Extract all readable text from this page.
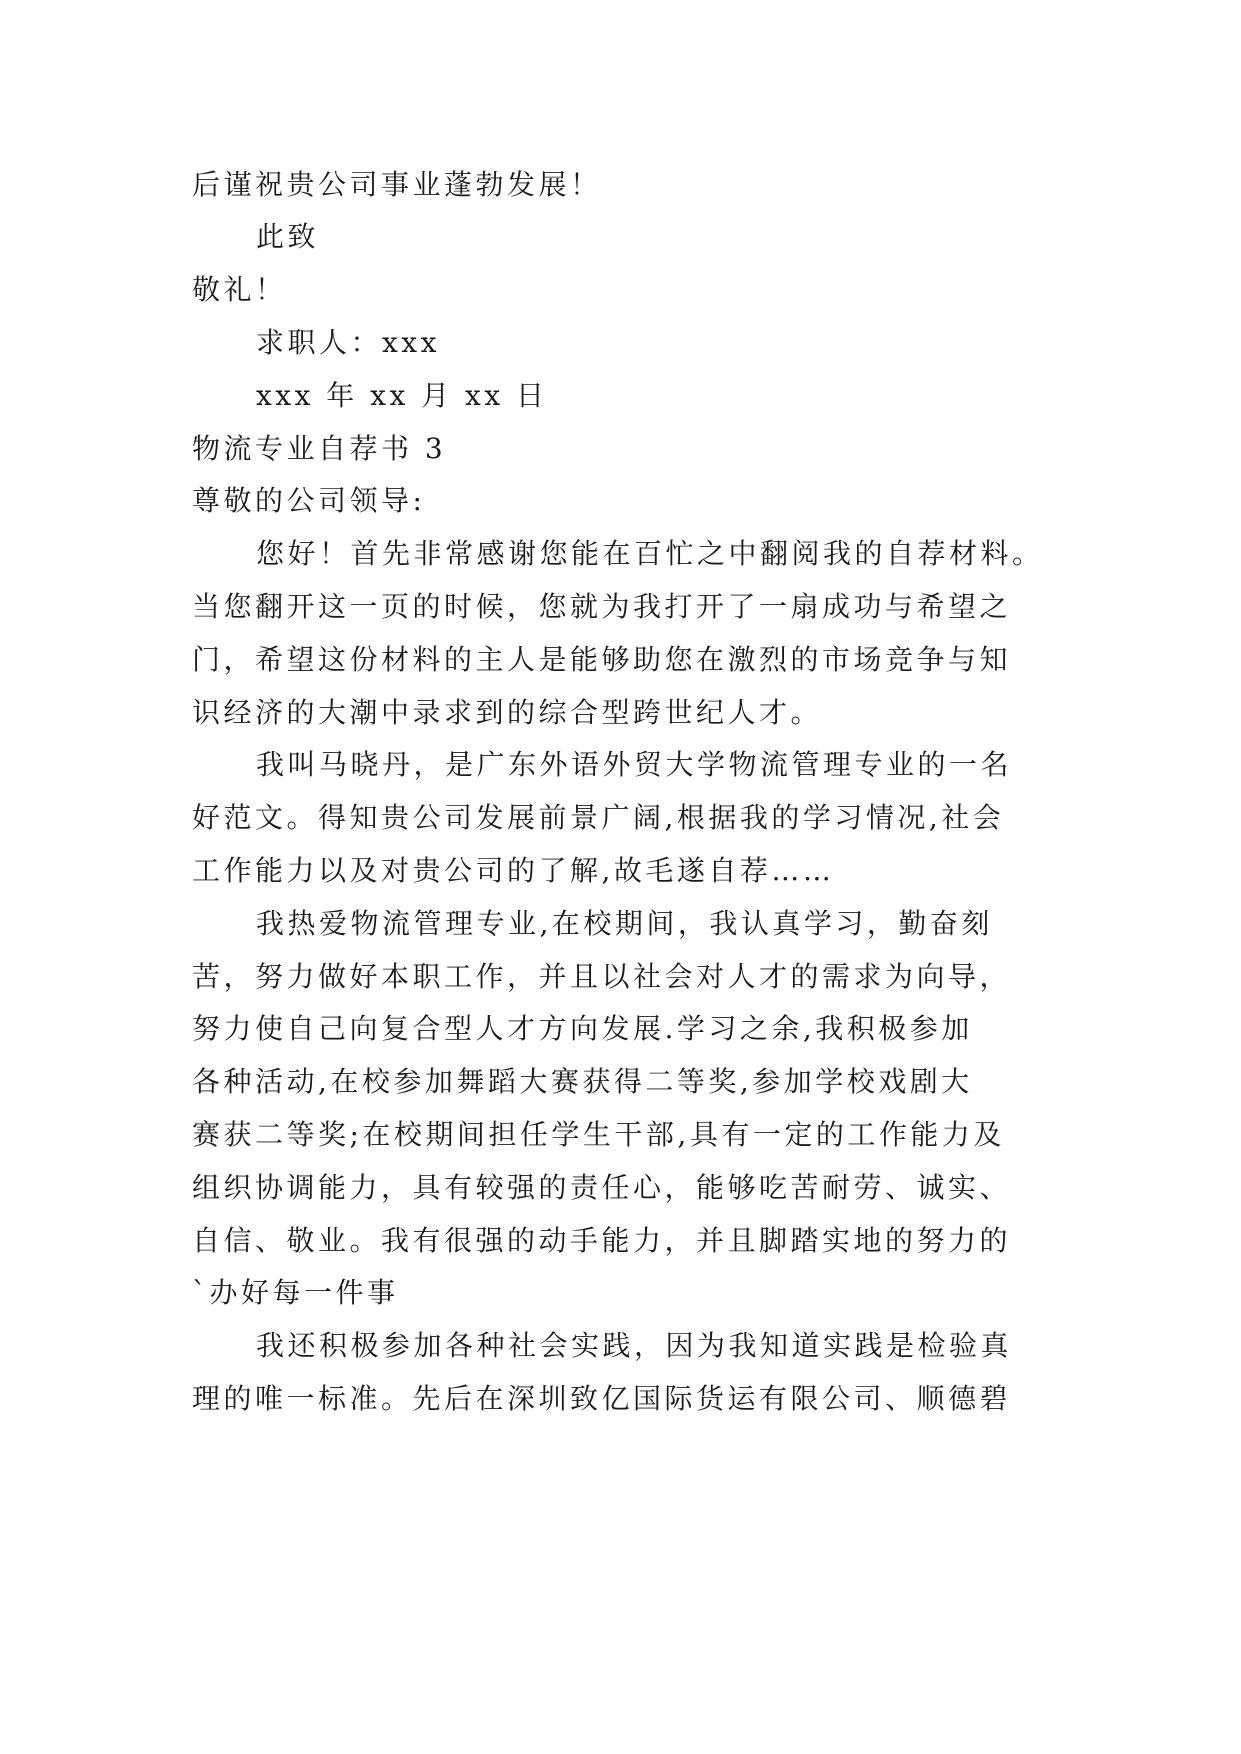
后谨祝贵公司事业蓬勃发展！
此致
敬礼！
求职人：xxx
xxx 年 xx 月 xx 日
物流专业自荐书 3
尊敬的公司领导:
您好！首先非常感谢您能在百忙之中翻阅我的自荐材料。
当您翻开这一页的时候，您就为我打开了一扇成功与希望之
门，希望这份材料的主人是能够助您在激烈的市场竞争与知
识经济的大潮中录求到的综合型跨世纪人才。
我叫马晓丹，是广东外语外贸大学物流管理专业的一名
好范文。得知贵公司发展前景广阔,根据我的学习情况,社会
工作能力以及对贵公司的了解,故毛遂自荐……
我热爱物流管理专业,在校期间，我认真学习，勤奋刻
苦，努力做好本职工作，并且以社会对人才的需求为向导，
努力使自己向复合型人才方向发展.学习之余,我积极参加
各种活动,在校参加舞蹈大赛获得二等奖,参加学校戏剧大
赛获二等奖;在校期间担任学生干部,具有一定的工作能力及
组织协调能力，具有较强的责任心，能够吃苦耐劳、诚实、
自信、敬业。我有很强的动手能力，并且脚踏实地的努力的
`办好每一件事
我还积极参加各种社会实践，因为我知道实践是检验真
理的唯一标准。先后在深圳致亿国际货运有限公司、顺德碧
